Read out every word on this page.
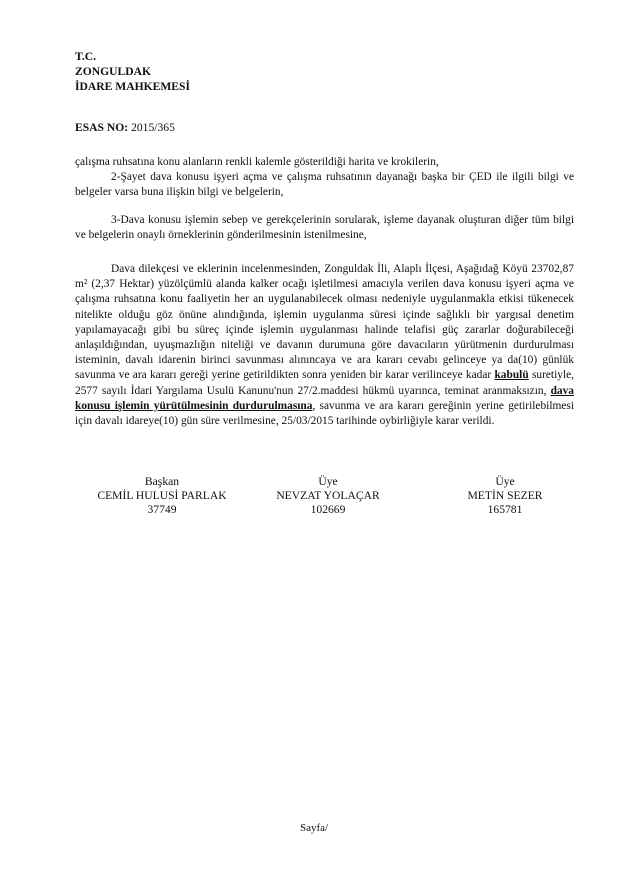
T.C.
ZONGULDAK
İDARE MAHKEMESİ
ESAS NO: 2015/365
çalışma ruhsatına konu alanların renkli kalemle gösterildiği harita ve krokilerin,
2-Şayet dava konusu işyeri açma ve çalışma ruhsatının dayanağı başka bir ÇED ile ilgili bilgi ve belgeler varsa buna ilişkin bilgi ve belgelerin,
3-Dava konusu işlemin sebep ve gerekçelerinin sorularak, işleme dayanak oluşturan diğer tüm bilgi ve belgelerin onaylı örneklerinin gönderilmesinin istenilmesine,
Dava dilekçesi ve eklerinin incelenmesinden, Zonguldak İli, Alaplı İlçesi, Aşağıdağ Köyü 23702,87 m² (2,37 Hektar) yüzölçümlü alanda kalker ocağı işletilmesi amacıyla verilen dava konusu işyeri açma ve çalışma ruhsatına konu faaliyetin her an uygulanabilecek olması nedeniyle uygulanmakla etkisi tükenecek nitelikte olduğu göz önüne alındığında, işlemin uygulanma süresi içinde sağlıklı bir yargısal denetim yapılamayacağı gibi bu süreç içinde işlemin uygulanması halinde telafisi güç zararlar doğurabileceği anlaşıldığından, uyuşmazlığın niteliği ve davanın durumuna göre davacıların yürütmenin durdurulması isteminin, davalı idarenin birinci savunması alınıncaya ve ara kararı cevabı gelinceye ya da(10) günlük savunma ve ara kararı gereği yerine getirildikten sonra yeniden bir karar verilinceye kadar kabulü suretiyle, 2577 sayılı İdari Yargılama Usulü Kanunu'nun 27/2.maddesi hükmü uyarınca, teminat aranmaksızın, dava konusu işlemin yürütülmesinin durdurulmasına, savunma ve ara kararı gereğinin yerine getirilebilmesi için davalı idareye(10) gün süre verilmesine, 25/03/2015 tarihinde oybirliğiyle karar verildi.
Başkan
CEMİL HULUSİ PARLAK
37749
Üye
NEVZAT YOLAÇAR
102669
Üye
METİN SEZER
165781
Sayfa/
